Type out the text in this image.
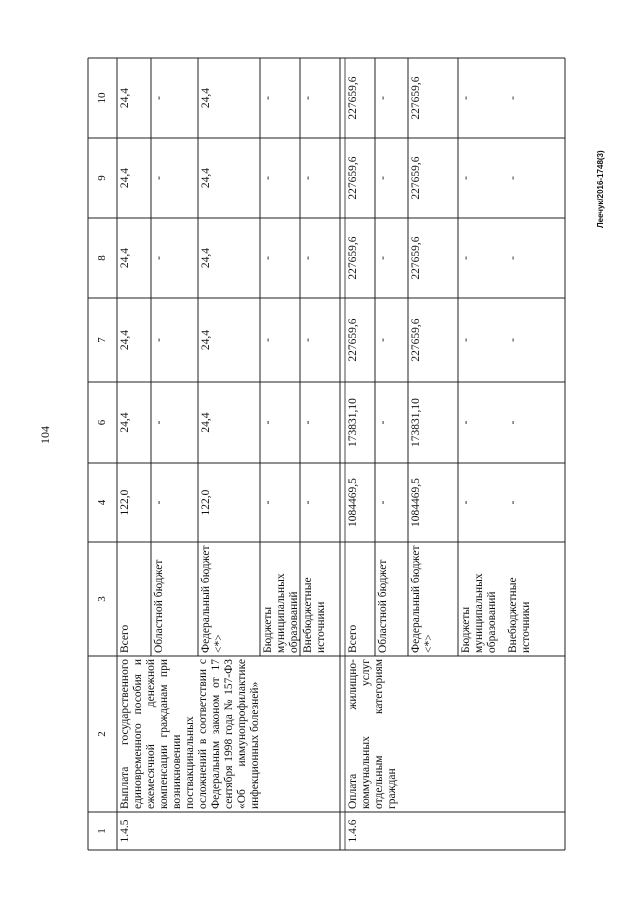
104
Леечук/2016-1748(3)
1
2
3
4
6
7
8
9
10
1.4.5
Выплата государственного единовременного пособия и ежемесячной денежной компенсации гражданам при возникновении поствакцинальных осложнений в соответствии с Федеральным законом от 17 сентября 1998 года № 157-ФЗ «Об иммунопрофилактике инфекционных болезней»
Всего
122,0
24,4
24,4
24,4
24,4
24,4
Областной бюджет
-
-
-
-
-
-
Федеральный бюджет <*>
122,0
24,4
24,4
24,4
24,4
24,4
Бюджеты муниципальных образований
-
-
-
-
-
-
Внебюджетные источники
-
-
-
-
-
-
1.4.6
Оплата жилищно-коммунальных услуг отдельным категориям граждан
Всего
1084469,5
173831,10
227659,6
227659,6
227659,6
227659,6
Областной бюджет
-
-
-
-
-
-
Федеральный бюджет <*>
1084469,5
173831,10
227659,6
227659,6
227659,6
227659,6
Бюджеты муниципальных образований
-
-
-
-
-
-
Внебюджетные источники
-
-
-
-
-
-
